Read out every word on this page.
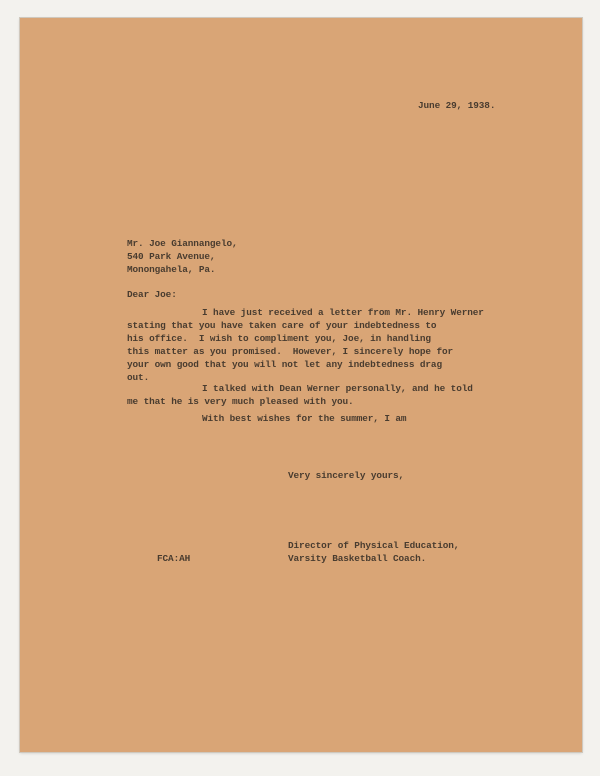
June 29, 1938.
Mr. Joe Giannangelo,
540 Park Avenue,
Monongahela, Pa.
Dear Joe:
I have just received a letter from Mr. Henry Werner
stating that you have taken care of your indebtedness to
his office.  I wish to compliment you, Joe, in handling
this matter as you promised.  However, I sincerely hope for
your own good that you will not let any indebtedness drag
out.
I talked with Dean Werner personally, and he told
me that he is very much pleased with you.
With best wishes for the summer, I am
Very sincerely yours,
Director of Physical Education,
Varsity Basketball Coach.
FCA:AH
